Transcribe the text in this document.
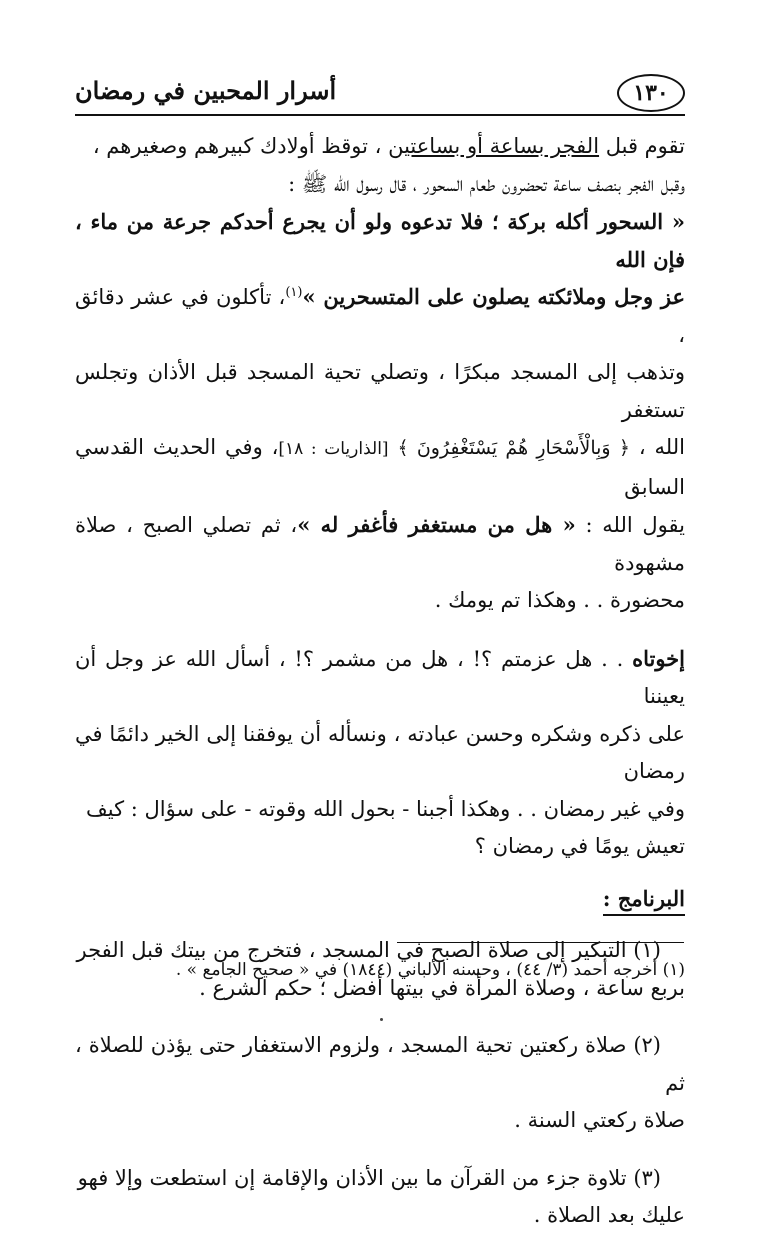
١٣٠
أسرار المحبين في رمضان

تقوم قبل الفجر بساعة أو بساعتين ، توقظ أولادك كبيرهم وصغيرهم ،

وقبل الفجر بنصف ساعة تحضرون طعام السحور ، قال رسول الله ﷺ :

« السحور أكله بركة ؛ فلا تدعوه ولو أن يجرع أحدكم جرعة من ماء ، فإن الله

عز وجل وملائكته يصلون على المتسحرين »$^{(١)}$، تأكلون في عشر دقائق ،

وتذهب إلى المسجد مبكرًا ، وتصلي تحية المسجد قبل الأذان وتجلس تستغفر

الله ، ﴿ وَبِالْأَسْحَارِ هُمْ يَسْتَغْفِرُونَ ﴾ [الذاريات : ١٨]، وفي الحديث القدسي السابق

يقول الله : « هل من مستغفر فأغفر له »، ثم تصلي الصبح ، صلاة مشهودة

محضورة . . وهكذا تم يومك .

إخوتاه . . هل عزمتم ؟! ، هل من مشمر ؟! ، أسأل الله عز وجل أن يعيننا

على ذكره وشكره وحسن عبادته ، ونسأله أن يوفقنا إلى الخير دائمًا في رمضان

وفي غير رمضان . . وهكذا أجبنا - بحول الله وقوته - على سؤال : كيف

تعيش يومًا في رمضان ؟

البرنامج :

(١) التبكير إلى صلاة الصبح في المسجد ، فتخرج من بيتك قبل الفجر

بربع ساعة ، وصلاة المرأة في بيتها أفضل ؛ حكم الشرع .

(٢) صلاة ركعتين تحية المسجد ، ولزوم الاستغفار حتى يؤذن للصلاة ، ثم

صلاة ركعتي السنة .

(٣) تلاوة جزء من القرآن ما بين الأذان والإقامة إن استطعت وإلا فهو

عليك بعد الصلاة .

(١) أخرجه أحمد (٣/ ٤٤) ، وحسنه الألباني (١٨٤٤) في « صحيح الجامع » .
